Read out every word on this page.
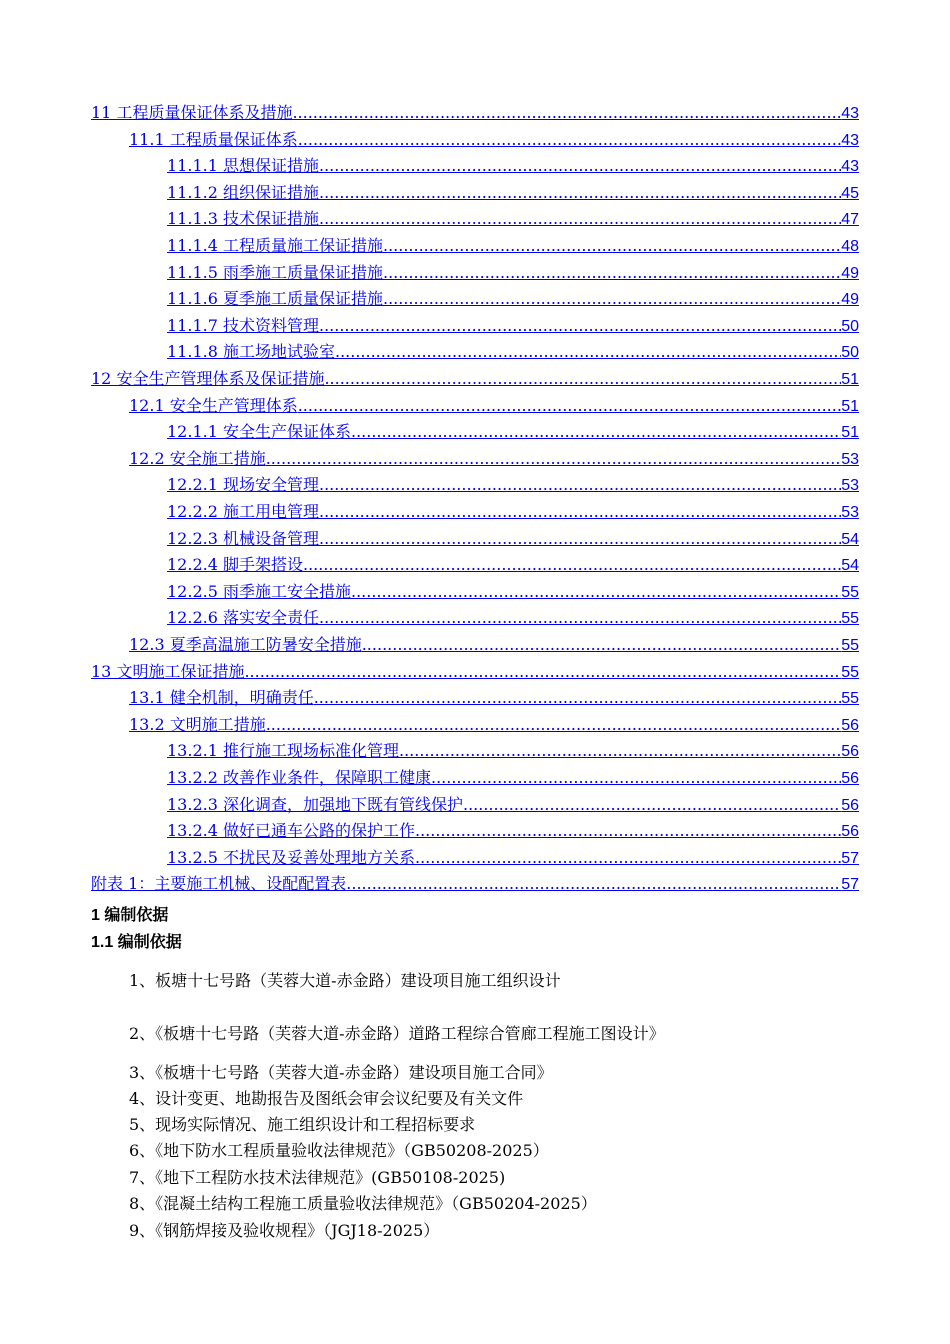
11 工程质量保证体系及措施 .....	43
11.1 工程质量保证体系 .....	43
11.1.1 思想保证措施 .....	43
11.1.2 组织保证措施 .....	45
11.1.3 技术保证措施 .....	47
11.1.4 工程质量施工保证措施 .....	48
11.1.5 雨季施工质量保证措施 .....	49
11.1.6 夏季施工质量保证措施 .....	49
11.1.7 技术资料管理 .....	50
11.1.8 施工场地试验室 .....	50
12 安全生产管理体系及保证措施 .....	51
12.1 安全生产管理体系 .....	51
12.1.1 安全生产保证体系 .....	51
12.2 安全施工措施 .....	53
12.2.1 现场安全管理 .....	53
12.2.2 施工用电管理 .....	53
12.2.3 机械设备管理 .....	54
12.2.4 脚手架搭设 .....	54
12.2.5 雨季施工安全措施 .....	55
12.2.6 落实安全责任 .....	55
12.3 夏季高温施工防暑安全措施 .....	55
13 文明施工保证措施 .....	55
13.1 健全机制，明确责任 .....	55
13.2 文明施工措施 .....	56
13.2.1 推行施工现场标准化管理 .....	56
13.2.2 改善作业条件，保障职工健康 .....	56
13.2.3 深化调查，加强地下既有管线保护 .....	56
13.2.4 做好已通车公路的保护工作 .....	56
13.2.5 不扰民及妥善处理地方关系 .....	57
附表 1：主要施工机械、设配配置表 .....	57
1 编制依据
1.1 编制依据
1、板塘十七号路（芙蓉大道-赤金路）建设项目施工组织设计
2、《板塘十七号路（芙蓉大道-赤金路）道路工程综合管廊工程施工图设计》
3、《板塘十七号路（芙蓉大道-赤金路）建设项目施工合同》
4、设计变更、地勘报告及图纸会审会议纪要及有关文件
5、现场实际情况、施工组织设计和工程招标要求
6、《地下防水工程质量验收法律规范》（GB50208-2025）
7、《地下工程防水技术法律规范》(GB50108-2025)
8、《混凝土结构工程施工质量验收法律规范》（GB50204-2025）
9、《钢筋焊接及验收规程》（JGJ18-2025）
